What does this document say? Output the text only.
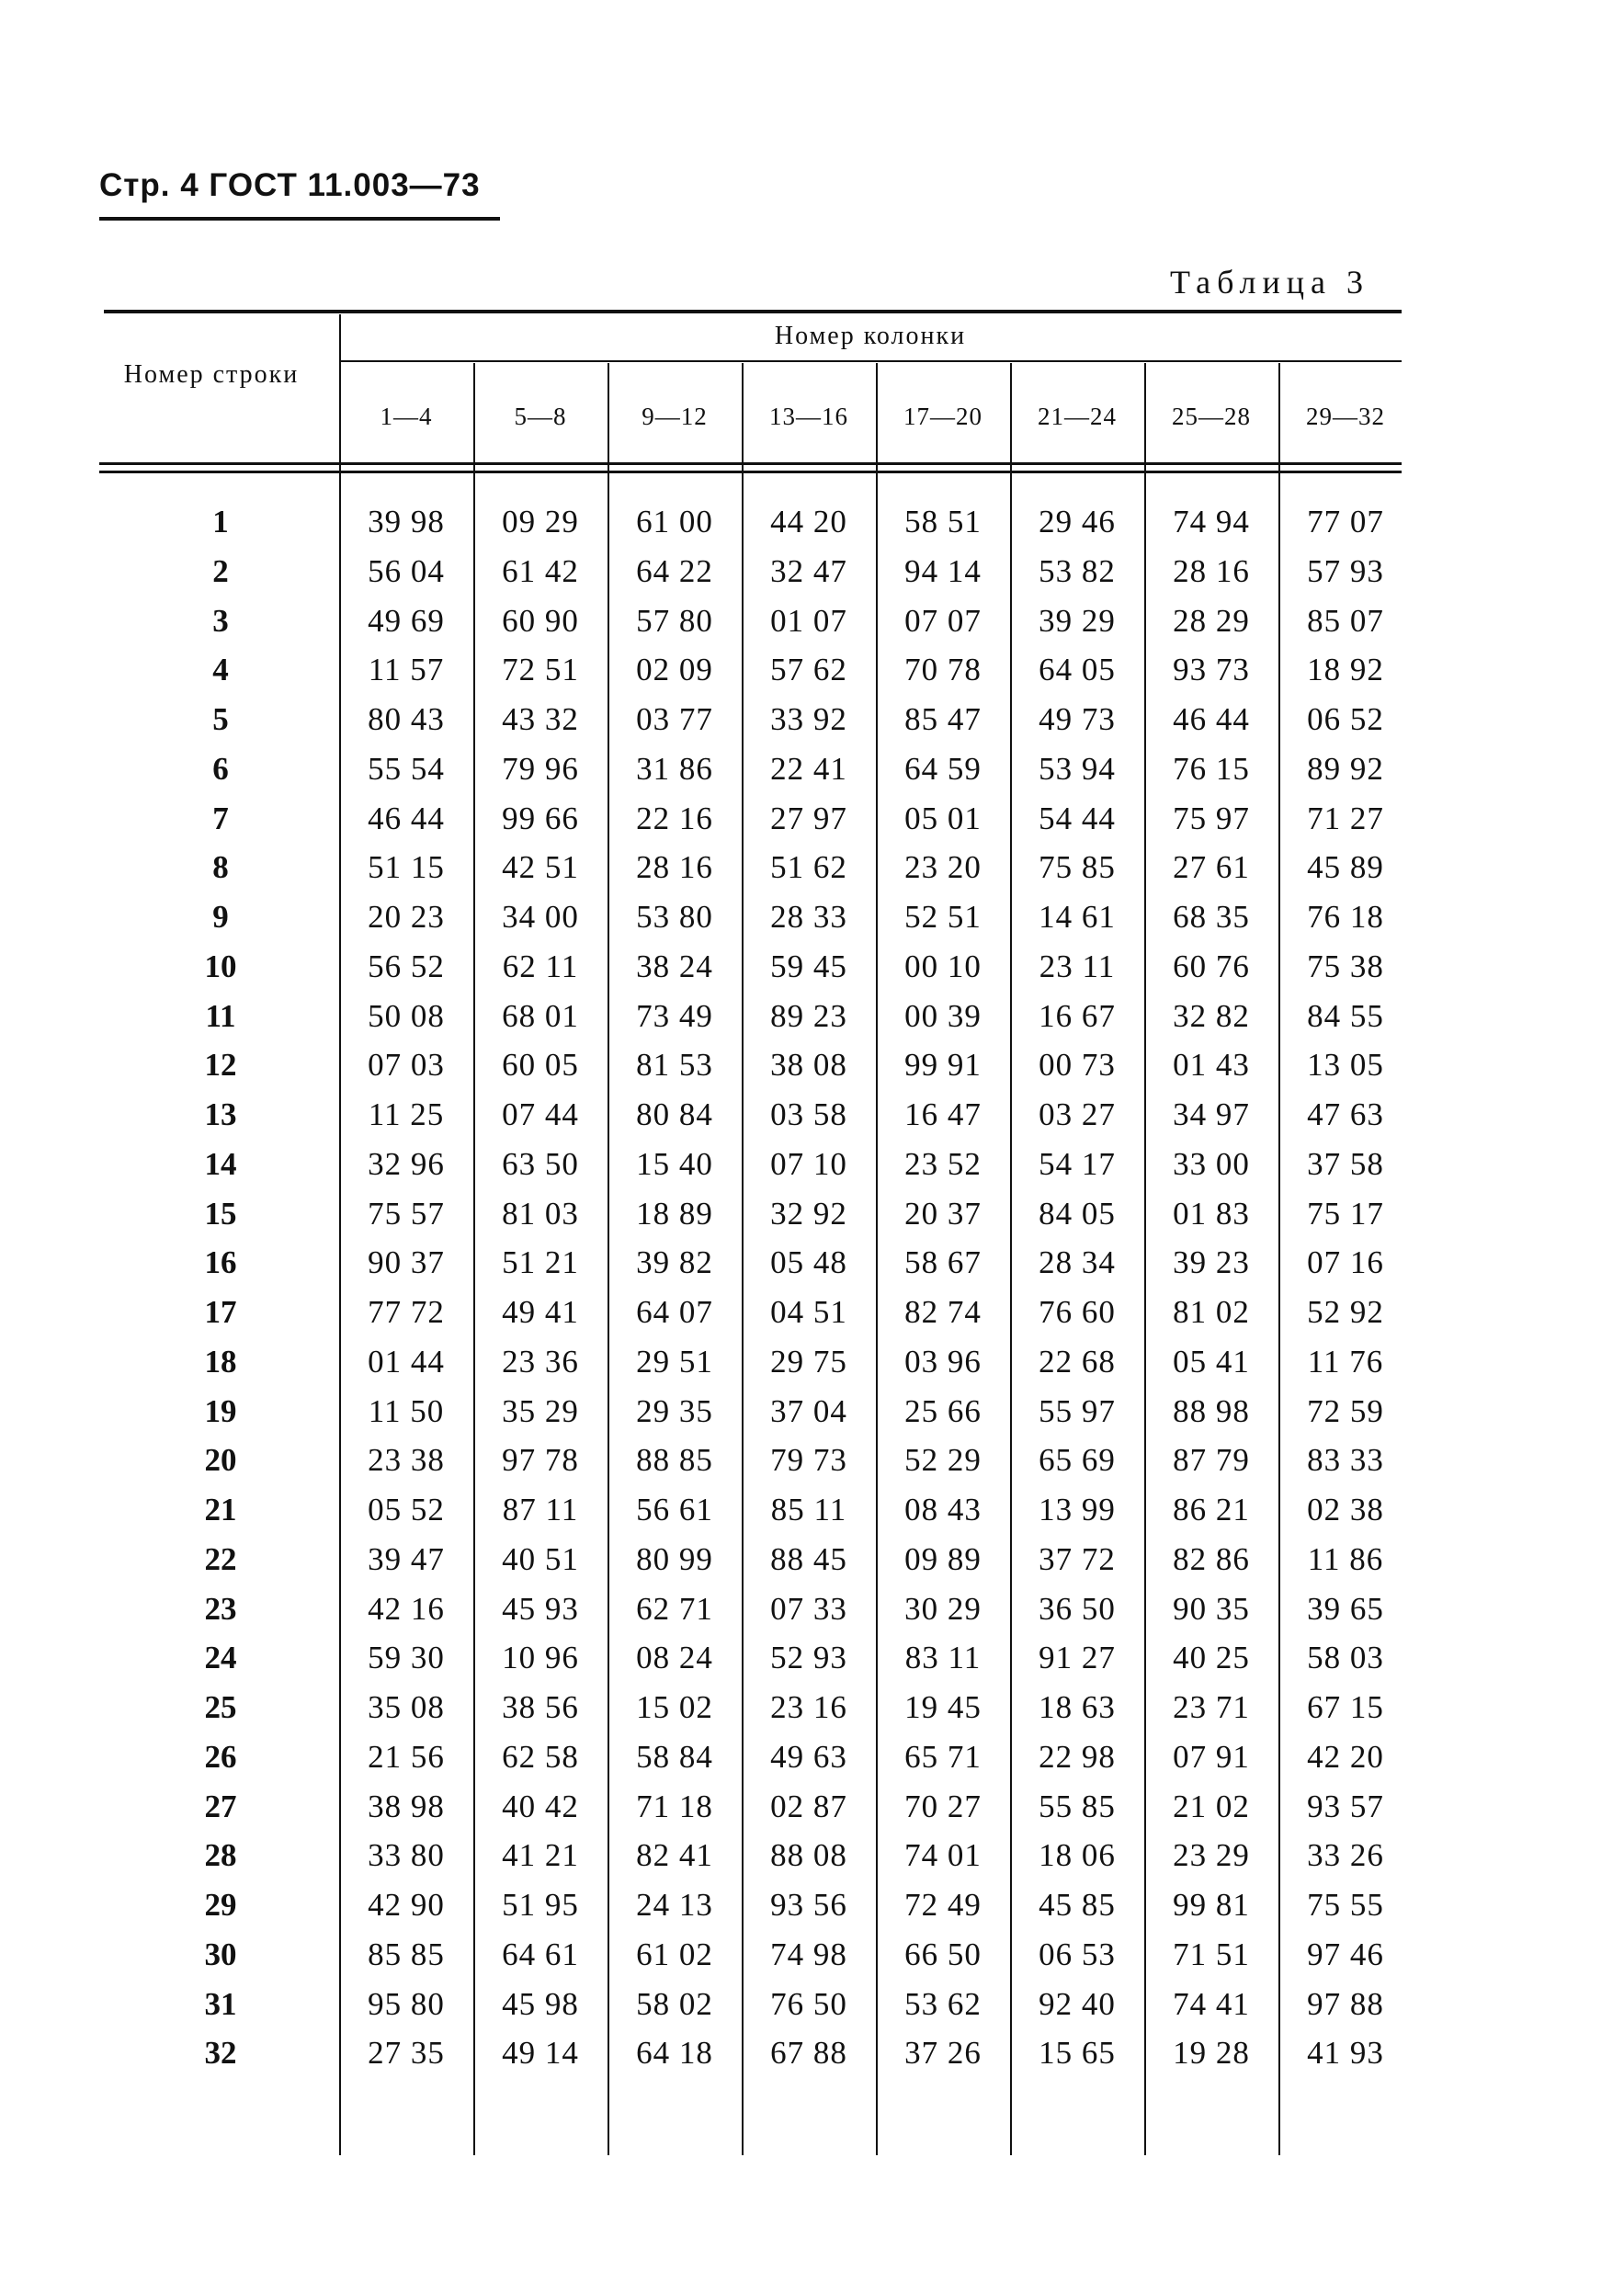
Стр. 4 ГОСТ 11.003—73
Таблица 3
Номер колонки
Номер строки
1—4	5—8	9—12	13—16	17—20	21—24	25—28	29—32
1	39 98	09 29	61 00	44 20	58 51	29 46	74 94	77 07
2	56 04	61 42	64 22	32 47	94 14	53 82	28 16	57 93
3	49 69	60 90	57 80	01 07	07 07	39 29	28 29	85 07
4	11 57	72 51	02 09	57 62	70 78	64 05	93 73	18 92
5	80 43	43 32	03 77	33 92	85 47	49 73	46 44	06 52
6	55 54	79 96	31 86	22 41	64 59	53 94	76 15	89 92
7	46 44	99 66	22 16	27 97	05 01	54 44	75 97	71 27
8	51 15	42 51	28 16	51 62	23 20	75 85	27 61	45 89
9	20 23	34 00	53 80	28 33	52 51	14 61	68 35	76 18
10	56 52	62 11	38 24	59 45	00 10	23 11	60 76	75 38
11	50 08	68 01	73 49	89 23	00 39	16 67	32 82	84 55
12	07 03	60 05	81 53	38 08	99 91	00 73	01 43	13 05
13	11 25	07 44	80 84	03 58	16 47	03 27	34 97	47 63
14	32 96	63 50	15 40	07 10	23 52	54 17	33 00	37 58
15	75 57	81 03	18 89	32 92	20 37	84 05	01 83	75 17
16	90 37	51 21	39 82	05 48	58 67	28 34	39 23	07 16
17	77 72	49 41	64 07	04 51	82 74	76 60	81 02	52 92
18	01 44	23 36	29 51	29 75	03 96	22 68	05 41	11 76
19	11 50	35 29	29 35	37 04	25 66	55 97	88 98	72 59
20	23 38	97 78	88 85	79 73	52 29	65 69	87 79	83 33
21	05 52	87 11	56 61	85 11	08 43	13 99	86 21	02 38
22	39 47	40 51	80 99	88 45	09 89	37 72	82 86	11 86
23	42 16	45 93	62 71	07 33	30 29	36 50	90 35	39 65
24	59 30	10 96	08 24	52 93	83 11	91 27	40 25	58 03
25	35 08	38 56	15 02	23 16	19 45	18 63	23 71	67 15
26	21 56	62 58	58 84	49 63	65 71	22 98	07 91	42 20
27	38 98	40 42	71 18	02 87	70 27	55 85	21 02	93 57
28	33 80	41 21	82 41	88 08	74 01	18 06	23 29	33 26
29	42 90	51 95	24 13	93 56	72 49	45 85	99 81	75 55
30	85 85	64 61	61 02	74 98	66 50	06 53	71 51	97 46
31	95 80	45 98	58 02	76 50	53 62	92 40	74 41	97 88
32	27 35	49 14	64 18	67 88	37 26	15 65	19 28	41 93
